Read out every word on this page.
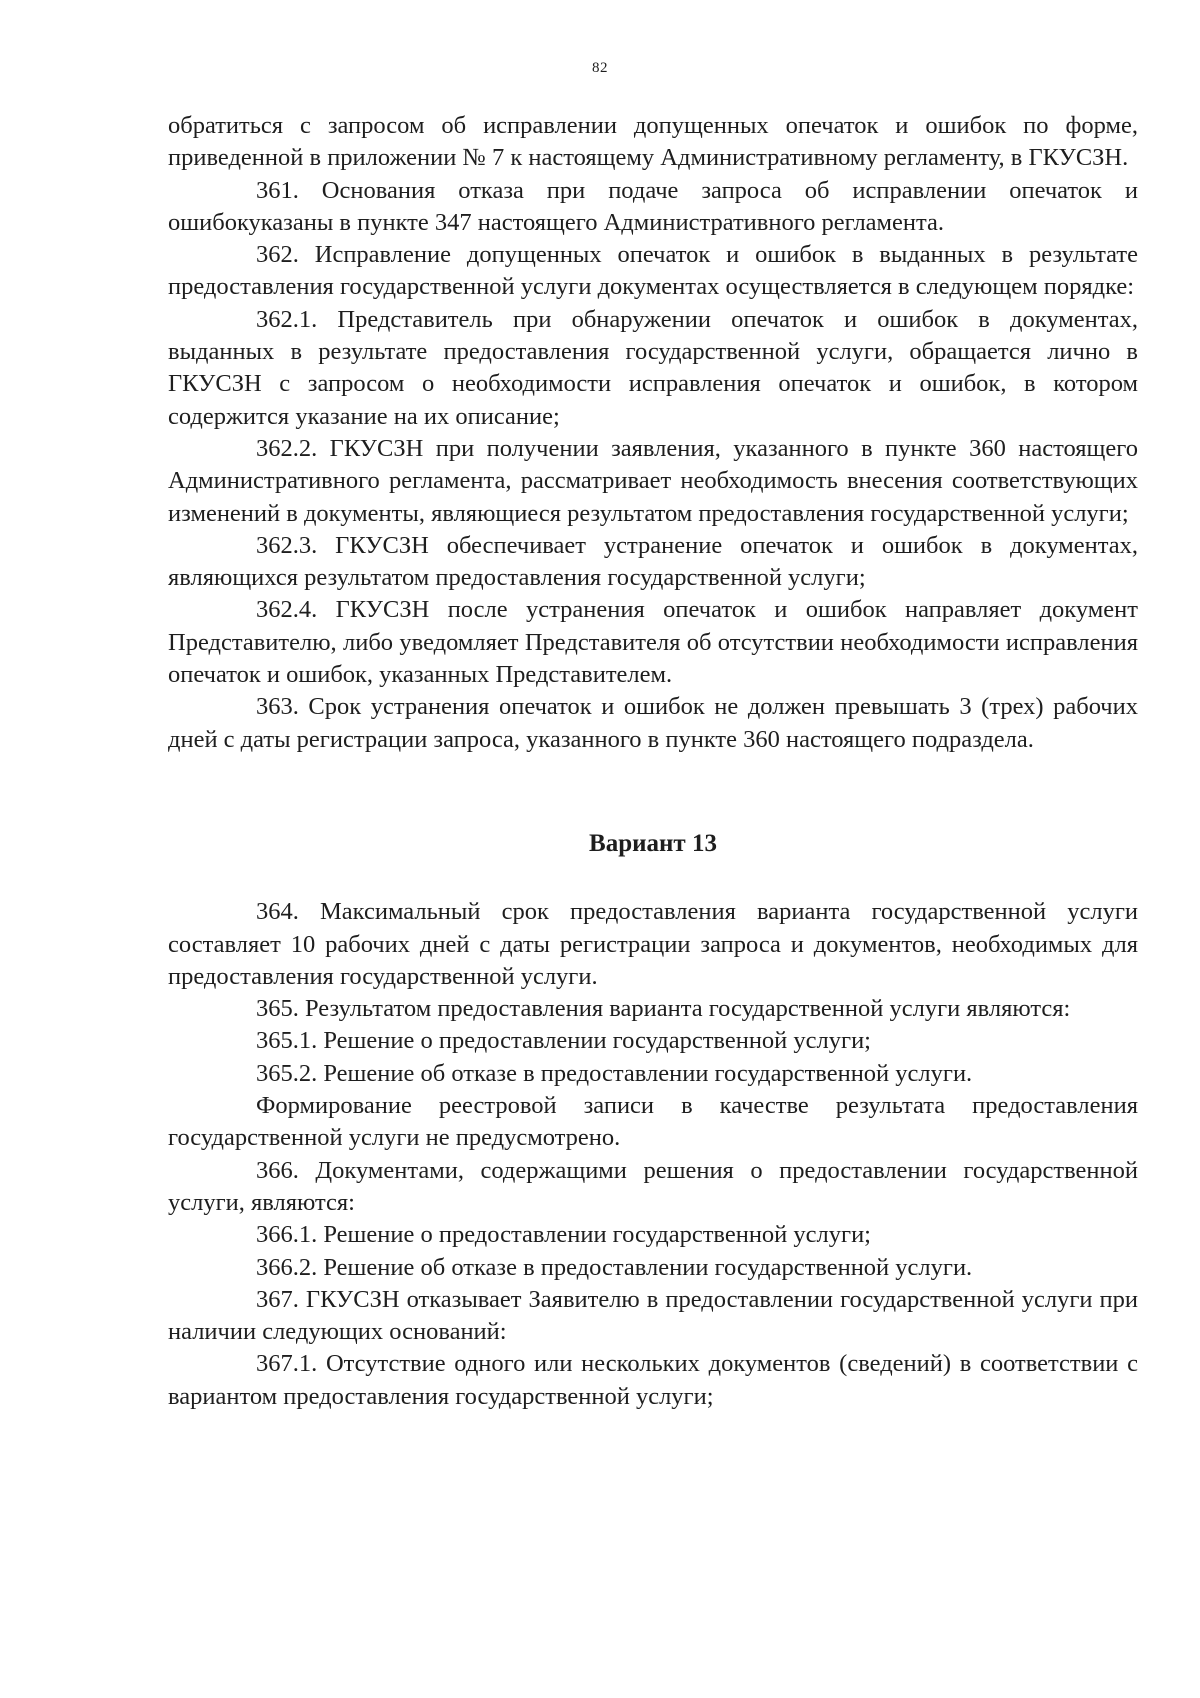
82

обратиться с запросом об исправлении допущенных опечаток и ошибок по форме, приведенной в приложении № 7 к настоящему Административному регламенту, в ГКУСЗН.

361. Основания отказа при подаче запроса об исправлении опечаток и ошибокуказаны в пункте 347 настоящего Административного регламента.

362. Исправление допущенных опечаток и ошибок в выданных в результате предоставления государственной услуги документах осуществляется в следующем порядке:

362.1. Представитель при обнаружении опечаток и ошибок в документах, выданных в результате предоставления государственной услуги, обращается лично в ГКУСЗН с запросом о необходимости исправления опечаток и ошибок, в котором содержится указание на их описание;

362.2. ГКУСЗН при получении заявления, указанного в пункте 360 настоящего Административного регламента, рассматривает необходимость внесения соответствующих изменений в документы, являющиеся результатом предоставления государственной услуги;

362.3. ГКУСЗН обеспечивает устранение опечаток и ошибок в документах, являющихся результатом предоставления государственной услуги;

362.4. ГКУСЗН после устранения опечаток и ошибок направляет документ Представителю, либо уведомляет Представителя об отсутствии необходимости исправления опечаток и ошибок, указанных Представителем.

363. Срок устранения опечаток и ошибок не должен превышать 3 (трех) рабочих дней с даты регистрации запроса, указанного в пункте 360 настоящего подраздела.

Вариант 13

364. Максимальный срок предоставления варианта государственной услуги составляет 10 рабочих дней с даты регистрации запроса и документов, необходимых для предоставления государственной услуги.

365. Результатом предоставления варианта государственной услуги являются:

365.1. Решение о предоставлении государственной услуги;

365.2. Решение об отказе в предоставлении государственной услуги.

Формирование реестровой записи в качестве результата предоставления государственной услуги не предусмотрено.

366. Документами, содержащими решения о предоставлении государственной услуги, являются:

366.1. Решение о предоставлении государственной услуги;

366.2. Решение об отказе в предоставлении государственной услуги.

367. ГКУСЗН отказывает Заявителю в предоставлении государственной услуги при наличии следующих оснований:

367.1. Отсутствие одного или нескольких документов (сведений) в соответствии с вариантом предоставления государственной услуги;
